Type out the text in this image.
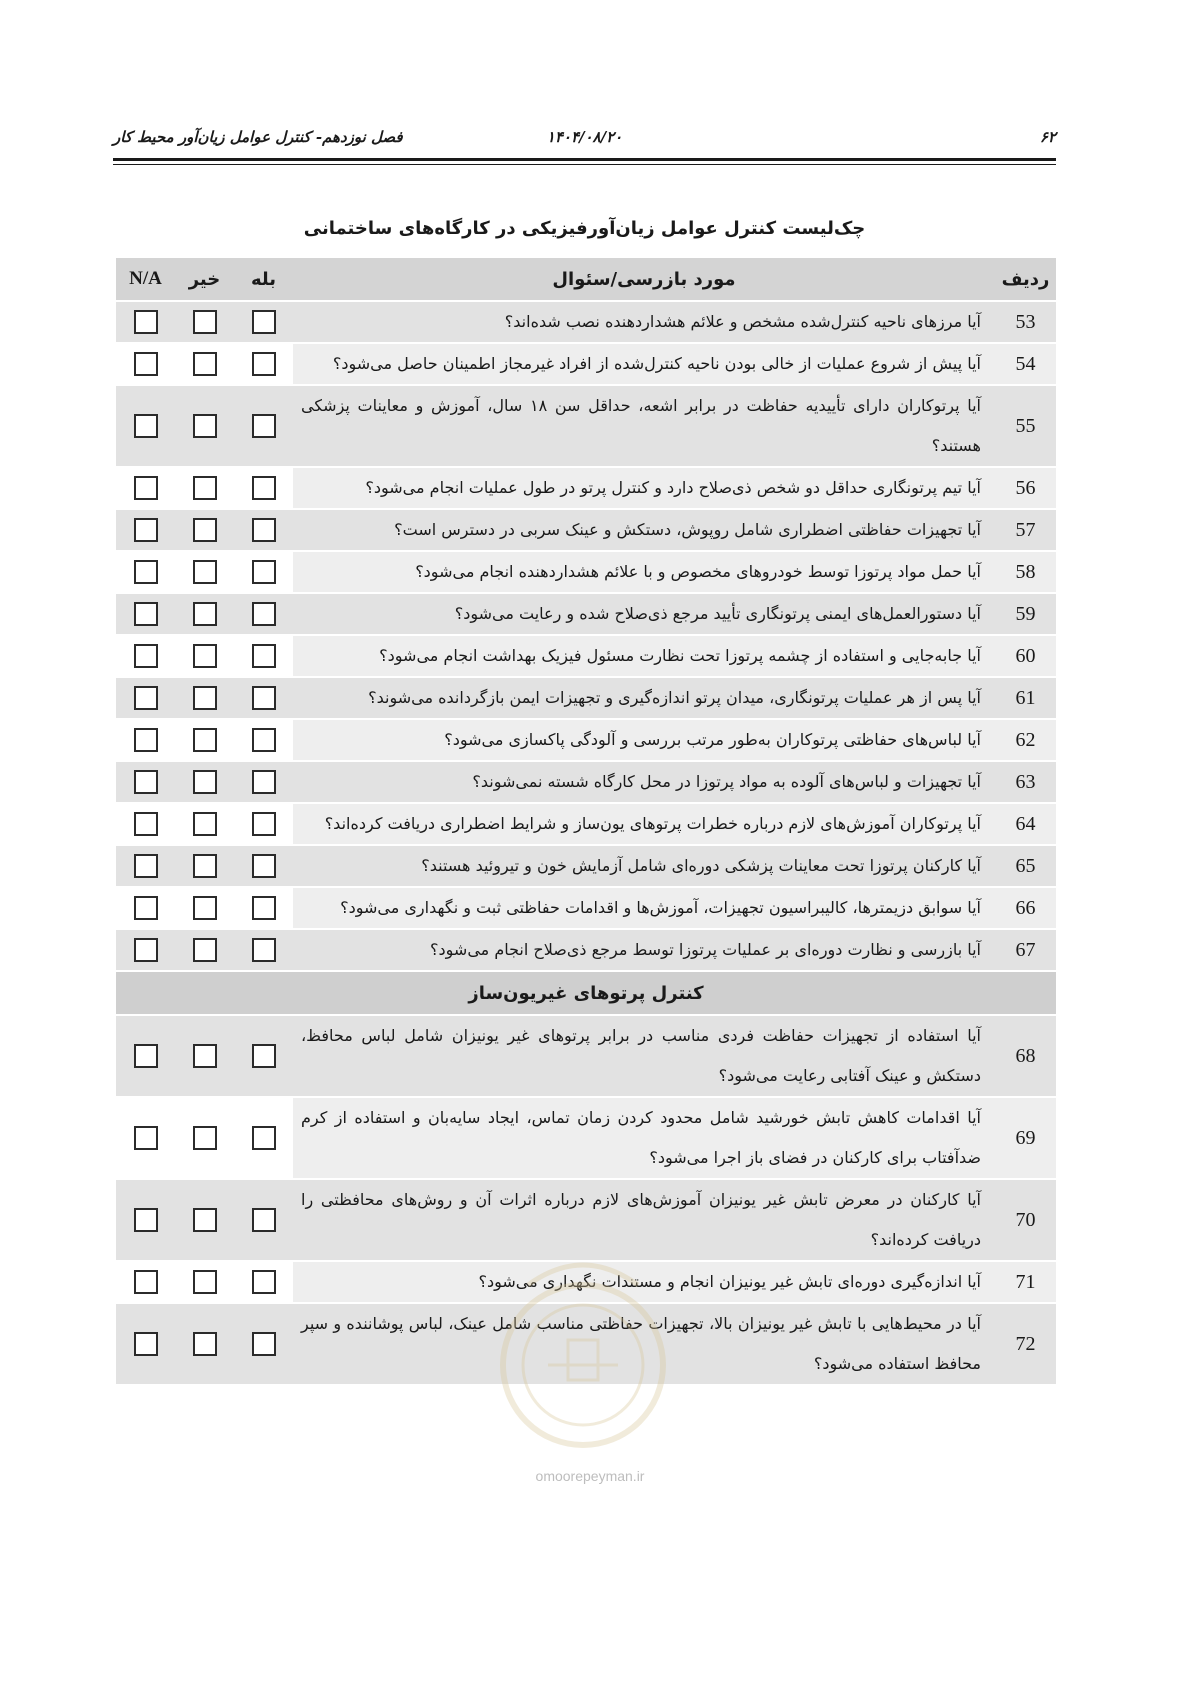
۶۲
۱۴۰۴/۰۸/۲۰
فصل نوزدهم- کنترل عوامل زیان‌آور محیط کار
چک‌لیست کنترل عوامل زیان‌آورفیزیکی در کارگاه‌های ساختمانی
ردیف	مورد بازرسی/سئوال	بله	خیر	N/A
53	آیا مرزهای ناحیه کنترل‌شده مشخص و علائم هشداردهنده نصب شده‌اند؟			
54	آیا پیش از شروع عملیات از خالی بودن ناحیه کنترل‌شده از افراد غیرمجاز اطمینان حاصل می‌شود؟			
55	آیا پرتوکاران دارای تأییدیه حفاظت در برابر اشعه، حداقل سن ۱۸ سال، آموزش و معاینات پزشکی هستند؟			
56	آیا تیم پرتونگاری حداقل دو شخص ذی‌صلاح دارد و کنترل پرتو در طول عملیات انجام می‌شود؟			
57	آیا تجهیزات حفاظتی اضطراری شامل روپوش، دستکش و عینک سربی در دسترس است؟			
58	آیا حمل مواد پرتوزا توسط خودروهای مخصوص و با علائم هشداردهنده انجام می‌شود؟			
59	آیا دستورالعمل‌های ایمنی پرتونگاری تأیید مرجع ذی‌صلاح شده و رعایت می‌شود؟			
60	آیا جابه‌جایی و استفاده از چشمه پرتوزا تحت نظارت مسئول فیزیک بهداشت انجام می‌شود؟			
61	آیا پس از هر عملیات پرتونگاری، میدان پرتو اندازه‌گیری و تجهیزات ایمن بازگردانده می‌شوند؟			
62	آیا لباس‌های حفاظتی پرتوکاران به‌طور مرتب بررسی و آلودگی پاکسازی می‌شود؟			
63	آیا تجهیزات و لباس‌های آلوده به مواد پرتوزا در محل کارگاه شسته نمی‌شوند؟			
64	آیا پرتوکاران آموزش‌های لازم درباره خطرات پرتوهای یون‌ساز و شرایط اضطراری دریافت کرده‌اند؟			
65	آیا کارکنان پرتوزا تحت معاینات پزشکی دوره‌ای شامل آزمایش خون و تیروئید هستند؟			
66	آیا سوابق دزیمترها، کالیبراسیون تجهیزات، آموزش‌ها و اقدامات حفاظتی ثبت و نگهداری می‌شود؟			
67	آیا بازرسی و نظارت دوره‌ای بر عملیات پرتوزا توسط مرجع ذی‌صلاح انجام می‌شود؟			
کنترل پرتوهای غیریون‌ساز				
68	آیا استفاده از تجهیزات حفاظت فردی مناسب در برابر پرتوهای غیر یونیزان شامل لباس محافظ، دستکش و عینک آفتابی رعایت می‌شود؟			
69	آیا اقدامات کاهش تابش خورشید شامل محدود کردن زمان تماس، ایجاد سایه‌بان و استفاده از کرم ضدآفتاب برای کارکنان در فضای باز اجرا می‌شود؟			
70	آیا کارکنان در معرض تابش غیر یونیزان آموزش‌های لازم درباره اثرات آن و روش‌های محافظتی را دریافت کرده‌اند؟			
71	آیا اندازه‌گیری دوره‌ای تابش غیر یونیزان انجام و مستندات نگهداری می‌شود؟			
72	آیا در محیط‌هایی با تابش غیر یونیزان بالا، تجهیزات حفاظتی مناسب شامل عینک، لباس پوشاننده و سپر محافظ استفاده می‌شود؟			
omoorepeyman.ir
